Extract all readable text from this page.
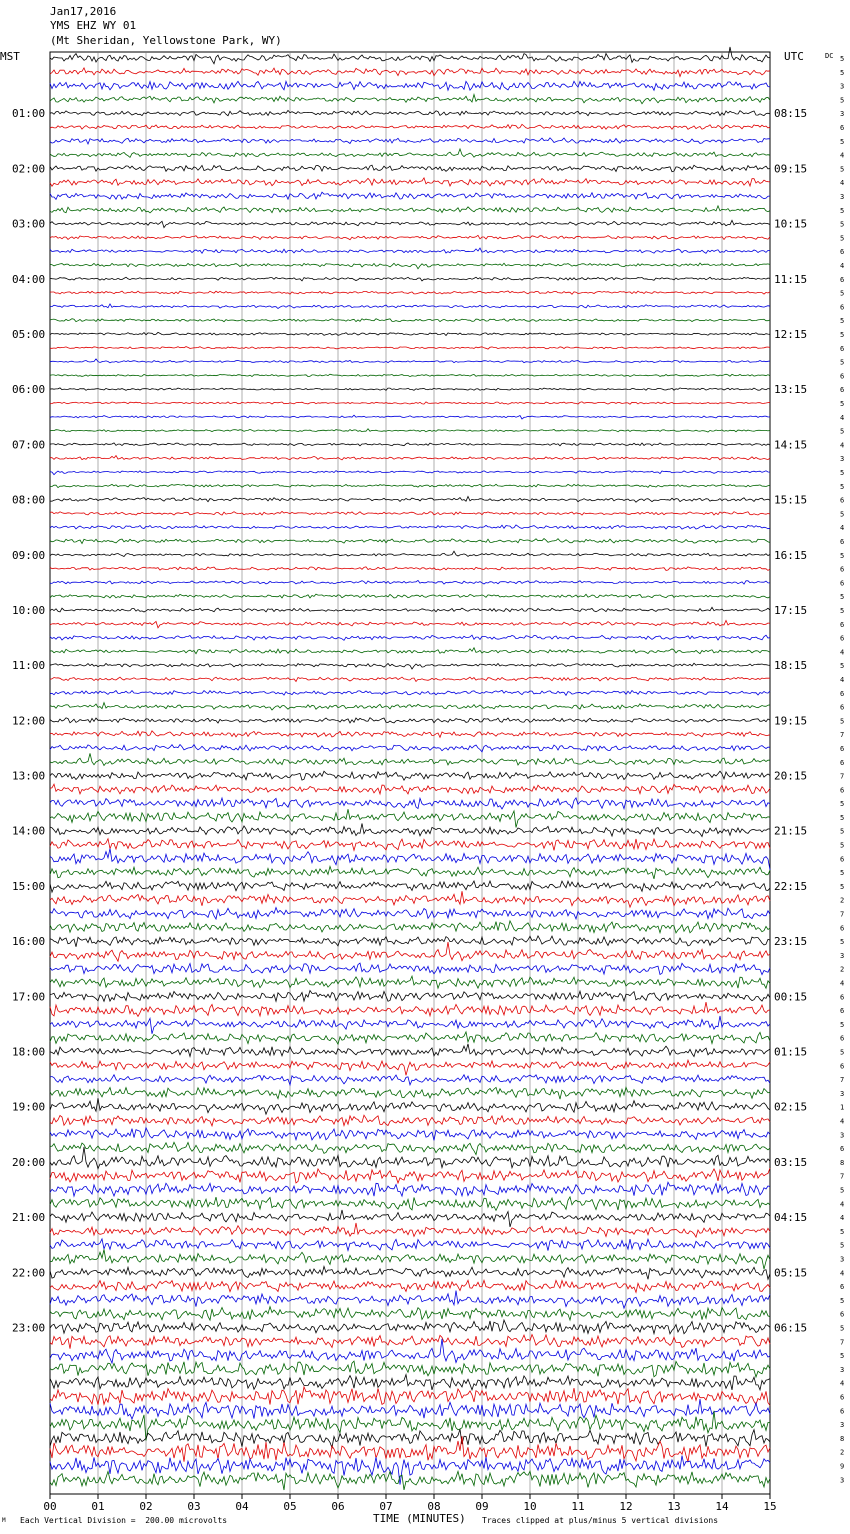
Jan17,2016
YMS EHZ WY 01
(Mt Sheridan, Yellowstone Park, WY)
MST	UTC	DC 5
5
3
5
3
6
5
4
5
4
3
5
5
5
6
4
6
5
6
5
5
6
5
6
6
5
4
5
4
3
5
5
6
5
4
6
5
6
6
5
5
6
6
4
5
4
6
6
5
7
6
6
7
6
5
5
5
5
6
5
5
2
7
6
5
3
2
4
6
6
5
6
5
6
7
3
1
4
3
6
8
7
5
4
4
5
5
3
4
6
5
6
5
7
5
3
4
6
6
3
8
2
9
3
01:00	08:15
02:00	09:15
03:00	10:15
04:00	11:15
05:00	12:15
06:00	13:15
07:00	14:15
08:00	15:15
09:00	16:15
10:00	17:15
11:00	18:15
12:00	19:15
13:00	20:15
14:00	21:15
15:00	22:15
16:00	23:15
17:00	00:15
18:00	01:15
19:00	02:15
20:00	03:15
21:00	04:15
22:00	05:15
23:00	06:15
00	01	02	03	04	05	06	07	08	09	10	11	12	13	14	15
M Each Vertical Division =  200.00 microvolts	TIME (MINUTES) Traces clipped at plus/minus 5 vertical divisions
